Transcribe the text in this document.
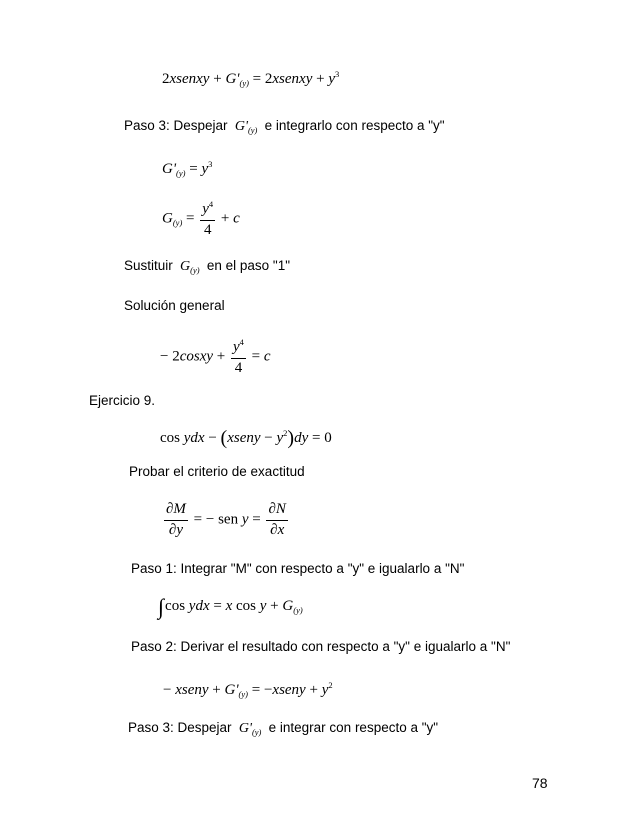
2xsenxy + $G'_{(y)}$ = 2xsenxy + $y^3$
Paso 3: Despejar  $G'_{(y)}$ e integrarlo con respecto a "y"
$G'_{(y)} = y^3$
$G_{(y)} = \frac{y^4}{4} + c$
Sustituir  $G_{(y)}$ en el paso "1"
Solución general
− 2cosxy + $\frac{y^4}{4} = c$
Ejercicio 9.
cos ydx − (xseny − $y^2)dy = 0$
Probar el criterio de exactitud
$\frac{\partial M}{\partial y}$ = − sen $y = \frac{\partial N}{\partial x}$
Paso 1: Integrar "M" con respecto a "y" e igualarlo a "N"
∫cos ydx = x $\cos y + G_{(y)}$
Paso 2: Derivar el resultado con respecto a "y" e igualarlo a "N"
− xseny + $G'_{(y)}$ = −xseny + $y^2$
Paso 3: Despejar  $G'_{(y)}$ e integrar con respecto a "y"
78
